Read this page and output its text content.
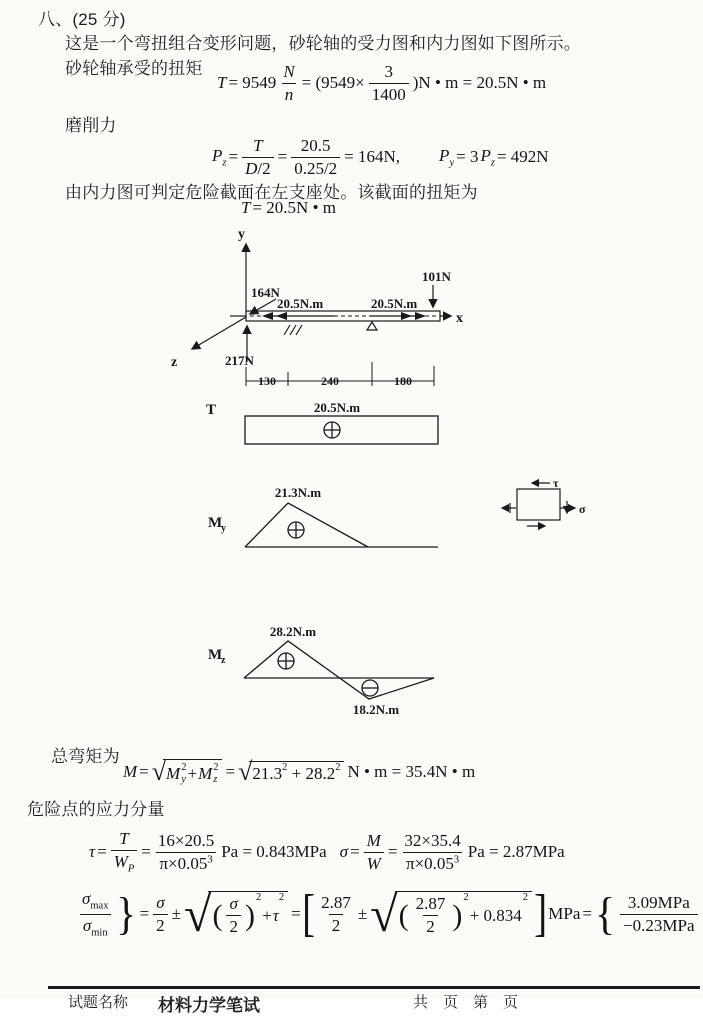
八、(25 分)
这是一个弯扭组合变形问题，砂轮轴的受力图和内力图如下图所示。
砂轮轴承受的扭矩
$T = 9549 \frac{N}{n} = (9549\times \frac{3}{1400} )N$ • m = 20.5N • m
磨削力
$P_z = \frac{T}{D/2} = \frac{20.5}{0.25/2} = 164N$, $P_y = 3$ $P_z = 492N$
由内力图可判定危险截面在左支座处。该截面的扭矩为
T = 20.5N • m
y
x
z
164N
20.5N.m	20.5N.m
101N
217N
130	240	180
T	20.5N.m
21.3N.m
M
y
τ
σ
28.2N.m
M
z
18.2N.m
总弯矩为
M = √ M 2
y + M 2
z = √ $21.3^2 + 28.2^2$ N • m = 35.4N • m
危险点的应力分量
$\tau = \frac{T}{W_P} = \frac{16\times 20.5}{\pi\times 0.05^3}$ Pa = 0.843MPa $\sigma = \frac{M}{W} = \frac{32\times 35.4}{\pi\times 0.05^3}$ Pa = 2.87MPa
$\frac{\sigma_{max}}{\sigma_{min}}$ } = $\frac{\sigma}{2}$ ± √ ( $\frac{\sigma}{2}$ )
$^2$
+ τ
2
= [ $\frac{2.87}{2}$ ± √ ( $\frac{2.87}{2}$ )
$^2$
+ 0.834
2 ] MPa = { $\frac{\text{3.09MPa}}{\text{−0.23MPa}}$
试题名称 材料力学笔试	共　页　第　页
